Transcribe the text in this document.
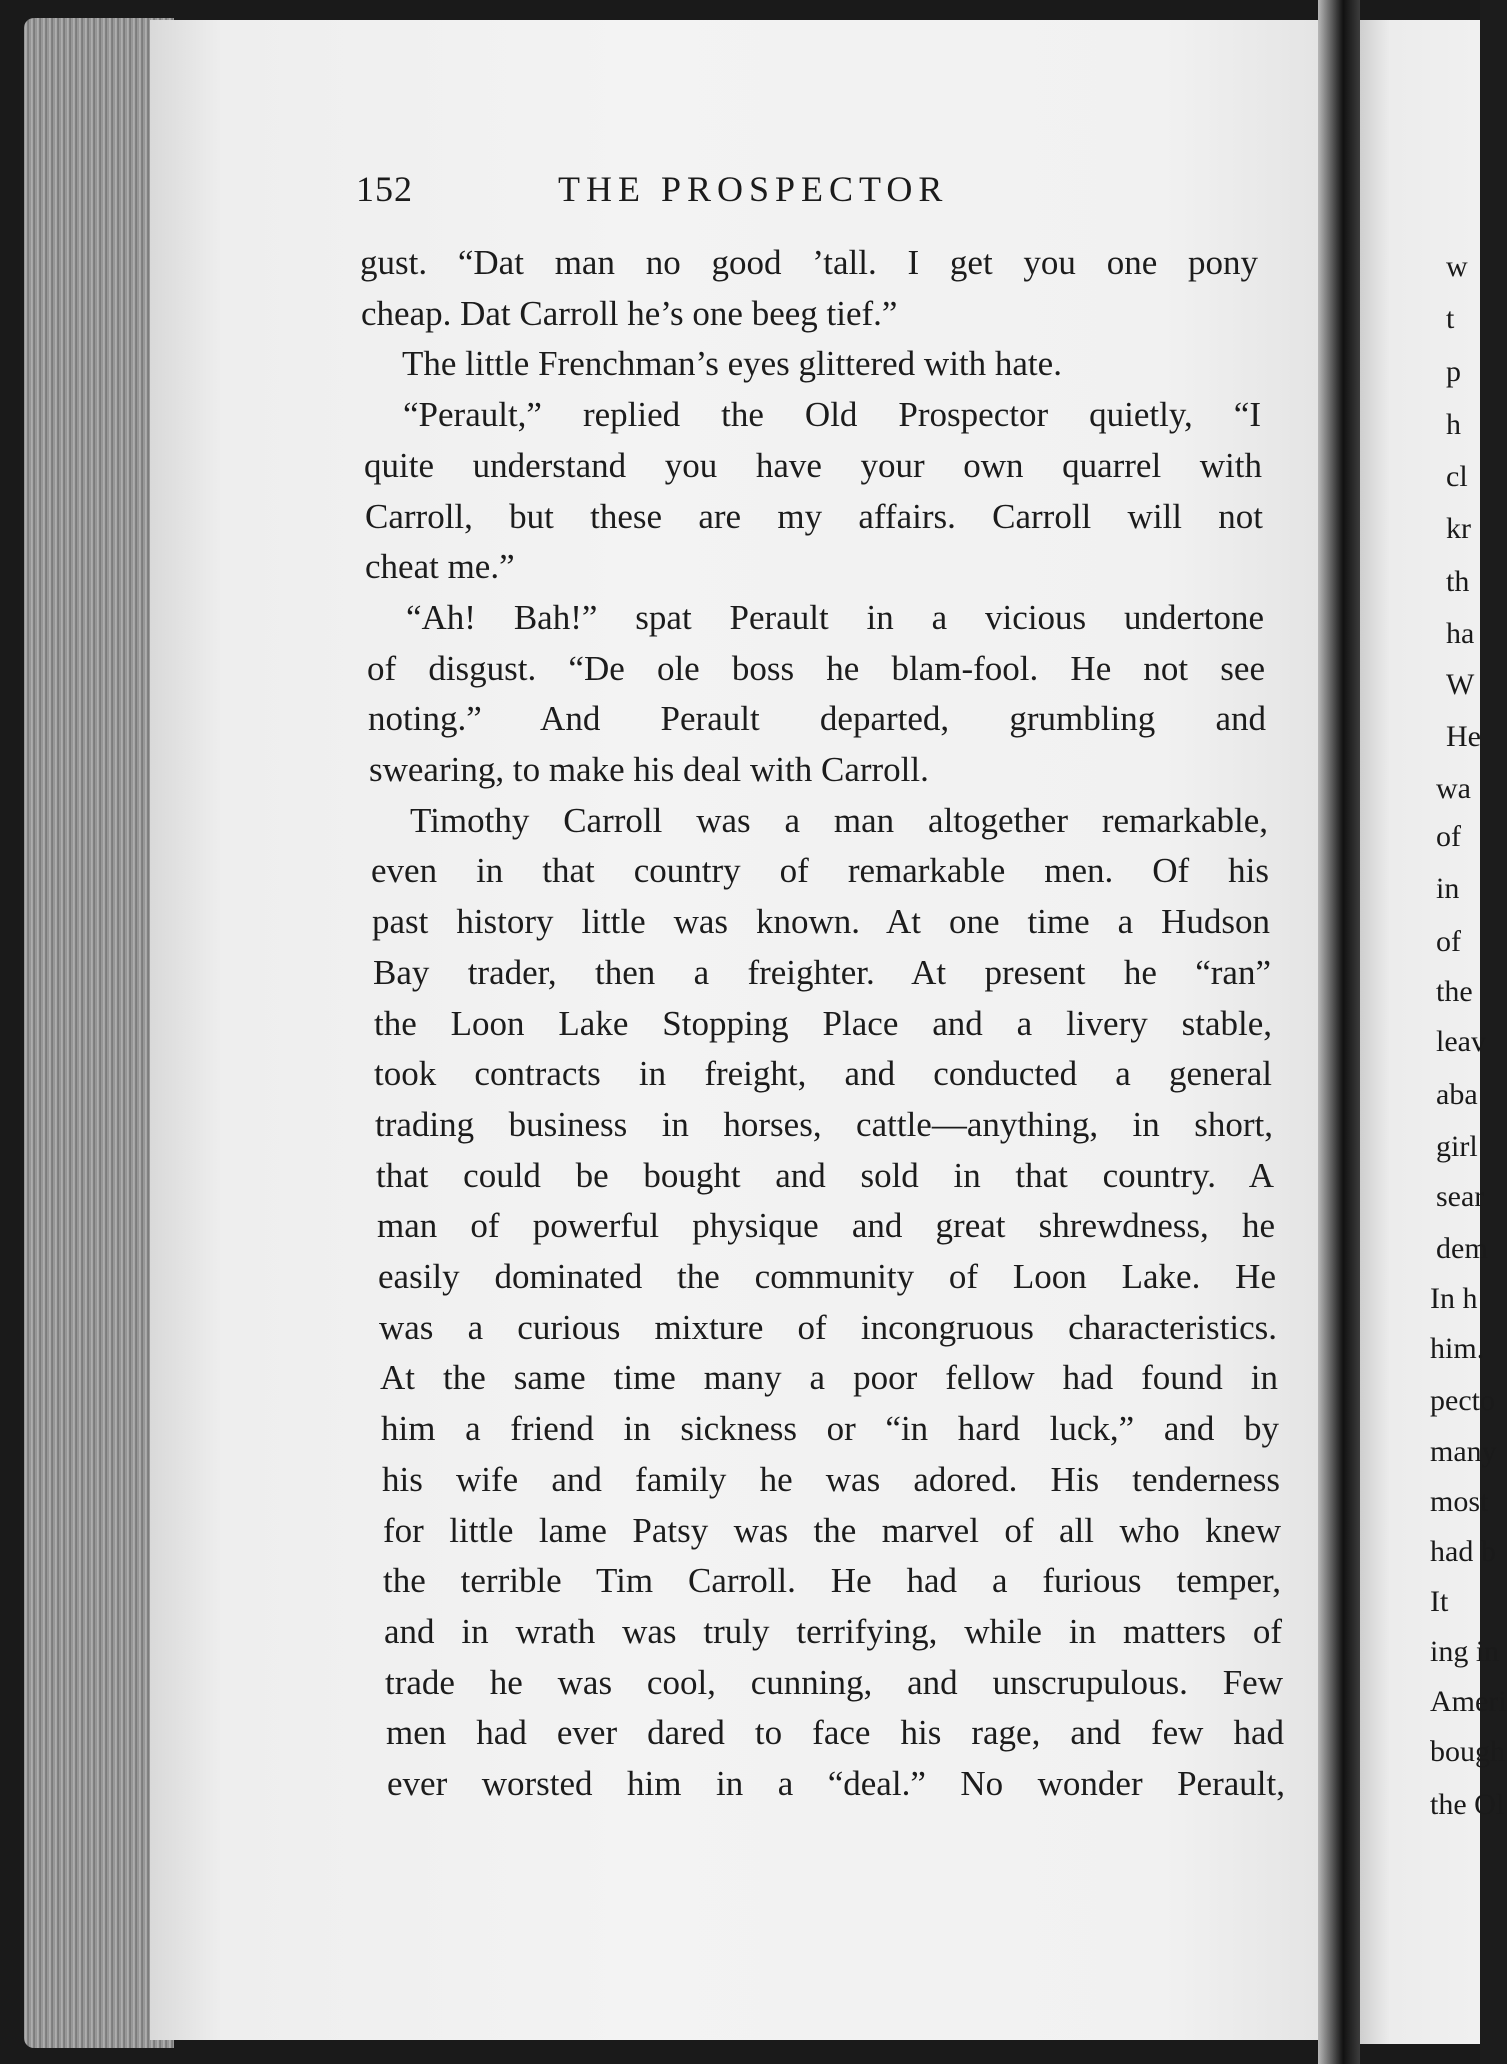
152	THE PROSPECTOR
gust. “Dat man no good ’tall. I get you one pony
cheap. Dat Carroll he’s one beeg tief.”
The little Frenchman’s eyes glittered with hate.
“Perault,” replied the Old Prospector quietly, “I
quite understand you have your own quarrel with
Carroll, but these are my affairs. Carroll will not
cheat me.”
“Ah! Bah!” spat Perault in a vicious undertone
of disgust. “De ole boss he blam-fool. He not see
noting.” And Perault departed, grumbling and
swearing, to make his deal with Carroll.
Timothy Carroll was a man altogether remarkable,
even in that country of remarkable men. Of his
past history little was known. At one time a Hudson
Bay trader, then a freighter. At present he “ran”
the Loon Lake Stopping Place and a livery stable,
took contracts in freight, and conducted a general
trading business in horses, cattle—anything, in short,
that could be bought and sold in that country. A
man of powerful physique and great shrewdness, he
easily dominated the community of Loon Lake. He
was a curious mixture of incongruous characteristics.
At the same time many a poor fellow had found in
him a friend in sickness or “in hard luck,” and by
his wife and family he was adored. His tenderness
for little lame Patsy was the marvel of all who knew
the terrible Tim Carroll. He had a furious temper,
and in wrath was truly terrifying, while in matters of
trade he was cool, cunning, and unscrupulous. Few
men had ever dared to face his rage, and few had
ever worsted him in a “deal.” No wonder Perault,
w
t
p
h
cl
kr
th
ha
W
He
wa
of
in
of
the
leav
aba
girl
sear
dem
In h
him.
pecto
many
most
had b
It
ing in
Ameri
bough
the Ol
